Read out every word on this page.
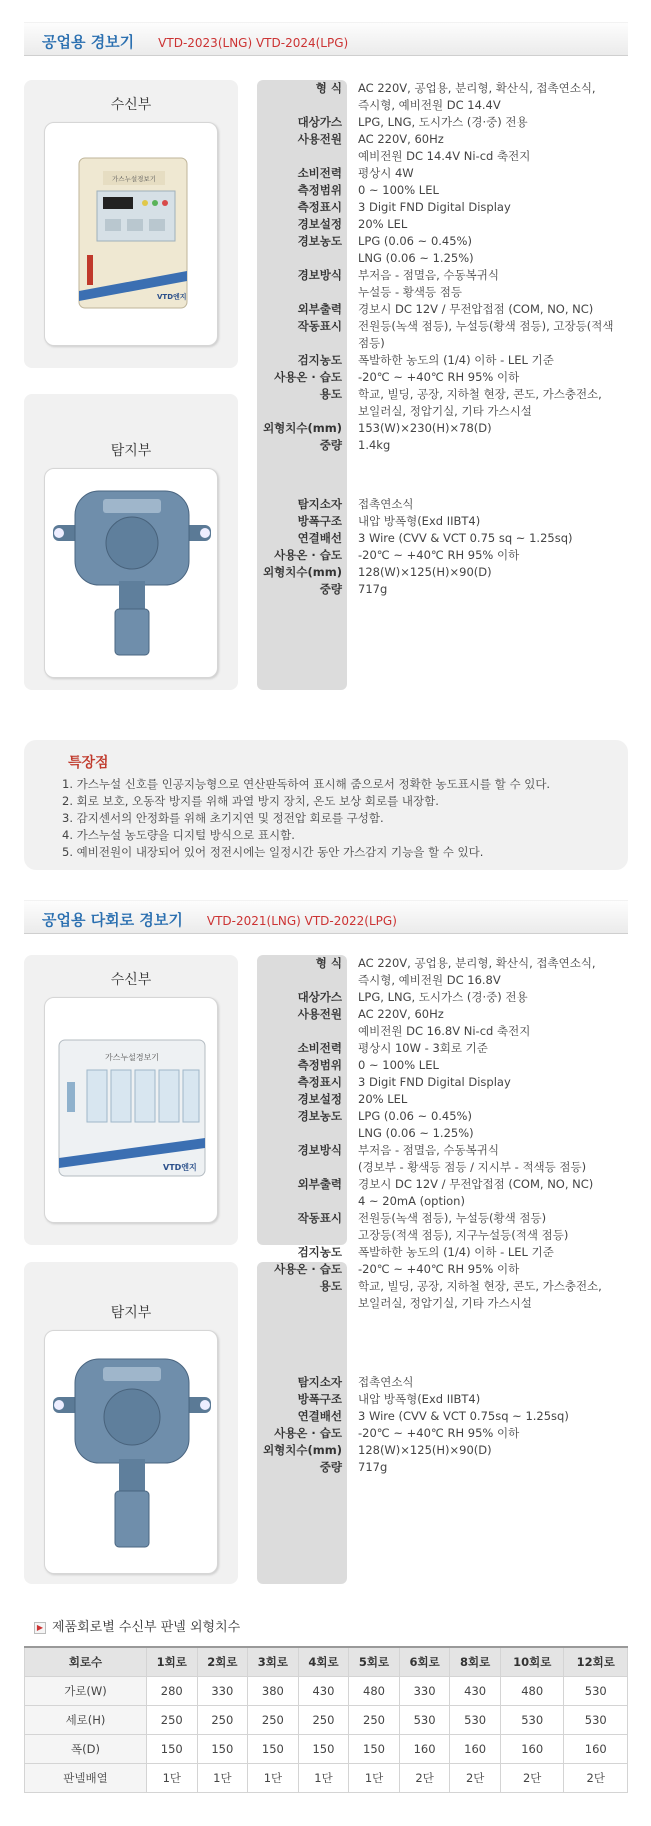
공업용 경보기 VTD-2023(LNG) VTD-2024(LPG)
수신부
가스누설경보기
VTD엔지
탐지부
형 식 AC 220V, 공업용, 분리형, 확산식, 접촉연소식,
즉시형, 예비전원 DC 14.4V
대상가스 LPG, LNG, 도시가스 (경·중) 전용
사용전원 AC 220V, 60Hz
예비전원 DC 14.4V Ni-cd 축전지
소비전력 평상시 4W
측정범위 0 ~ 100% LEL
측정표시 3 Digit FND Digital Display
경보설정 20% LEL
경보농도 LPG (0.06 ~ 0.45%)
LNG (0.06 ~ 1.25%)
경보방식 부저음 - 점멸음, 수동복귀식
누설등 - 황색등 점등
외부출력 경보시 DC 12V / 무전압접점 (COM, NO, NC)
작동표시 전원등(녹색 점등), 누설등(황색 점등), 고장등(적색
점등)
검지농도 폭발하한 농도의 (1/4) 이하 - LEL 기준
사용온 · 습도 -20℃ ~ +40℃ RH 95% 이하
용도 학교, 빌딩, 공장, 지하철 현장, 콘도, 가스충전소,
보일러실, 정압기실, 기타 가스시설
외형치수(mm) 153(W)×230(H)×78(D)
중량 1.4kg
탐지소자 접촉연소식
방폭구조 내압 방폭형(Exd IIBT4)
연결배선 3 Wire (CVV & VCT 0.75 sq ~ 1.25sq)
사용온 · 습도 -20℃ ~ +40℃ RH 95% 이하
외형치수(mm) 128(W)×125(H)×90(D)
중량 717g
특장점
1. 가스누설 신호를 인공지능형으로 연산판독하여 표시해 줌으로서 정확한 농도표시를 할 수 있다.
2. 회로 보호, 오동작 방지를 위해 과열 방지 장치, 온도 보상 회로를 내장함.
3. 감지센서의 안정화를 위해 초기지연 및 정전압 회로를 구성함.
4. 가스누설 농도량을 디지털 방식으로 표시함.
5. 예비전원이 내장되어 있어 정전시에는 일정시간 동안 가스감지 기능을 할 수 있다.
공업용 다회로 경보기 VTD-2021(LNG) VTD-2022(LPG)
수신부
가스누설경보기
VTD엔지
탐지부
형 식 AC 220V, 공업용, 분리형, 확산식, 접촉연소식,
즉시형, 예비전원 DC 16.8V
대상가스 LPG, LNG, 도시가스 (경·중) 전용
사용전원 AC 220V, 60Hz
예비전원 DC 16.8V Ni-cd 축전지
소비전력 평상시 10W - 3회로 기준
측정범위 0 ~ 100% LEL
측정표시 3 Digit FND Digital Display
경보설정 20% LEL
경보농도 LPG (0.06 ~ 0.45%)
LNG (0.06 ~ 1.25%)
경보방식 부저음 - 점멸음, 수동복귀식
(경보부 - 황색등 점등 / 지시부 - 적색등 점등)
외부출력 경보시 DC 12V / 무전압접점 (COM, NO, NC)
4 ~ 20mA (option)
작동표시 전원등(녹색 점등), 누설등(황색 점등)
고장등(적색 점등), 지구누설등(적색 점등)
검지농도 폭발하한 농도의 (1/4) 이하 - LEL 기준
사용온 · 습도 -20℃ ~ +40℃ RH 95% 이하
용도 학교, 빌딩, 공장, 지하철 현장, 콘도, 가스충전소,
보일러실, 정압기실, 기타 가스시설
탐지소자 접촉연소식
방폭구조 내압 방폭형(Exd IIBT4)
연결배선 3 Wire (CVV & VCT 0.75sq ~ 1.25sq)
사용온 · 습도 -20℃ ~ +40℃ RH 95% 이하
외형치수(mm) 128(W)×125(H)×90(D)
중량 717g
▶ 제품회로별 수신부 판넬 외형치수
회로수	1회로	2회로	3회로	4회로	5회로	6회로	8회로	10회로	12회로
가로(W)	280	330	380	430	480	330	430	480	530
세로(H)	250	250	250	250	250	530	530	530	530
폭(D)	150	150	150	150	150	160	160	160	160
판넬배열	1단	1단	1단	1단	1단	2단	2단	2단	2단
